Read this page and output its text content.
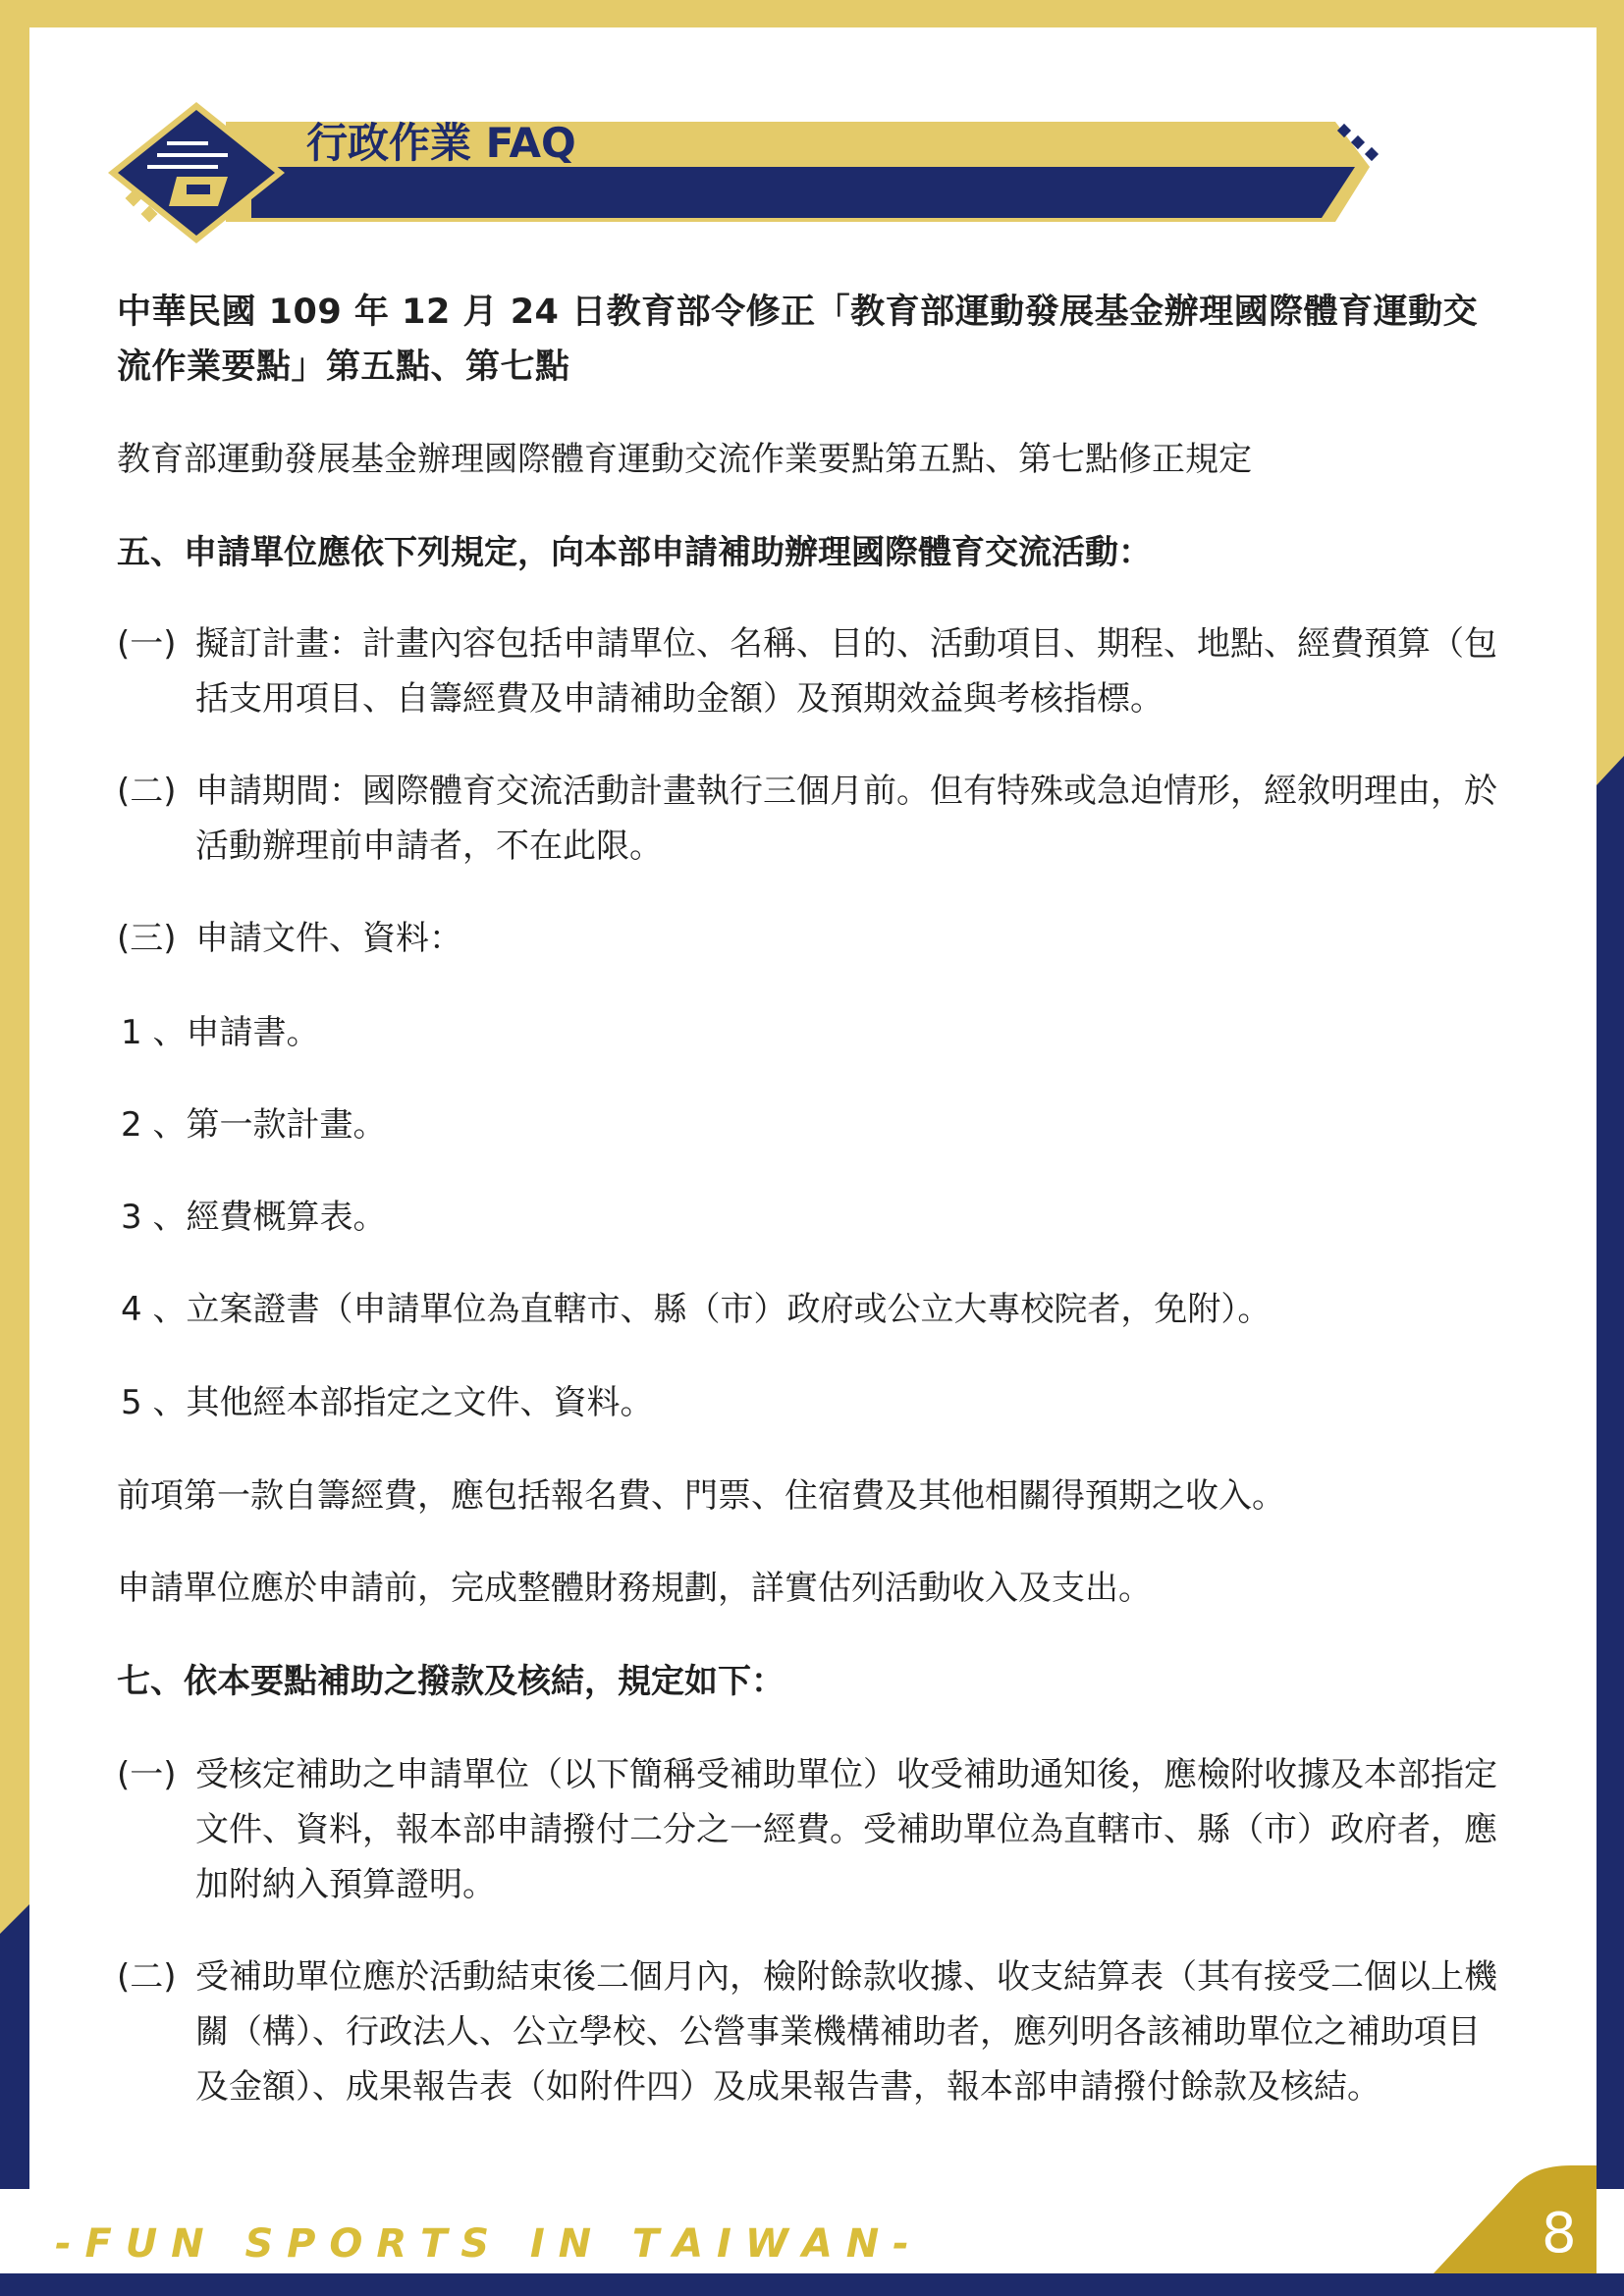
行政作業 FAQ

中華民國 109 年 12 月 24 日教育部令修正「教育部運動發展基金辦理國際體育運動交流作業要點」第五點、第七點

教育部運動發展基金辦理國際體育運動交流作業要點第五點、第七點修正規定

五、申請單位應依下列規定，向本部申請補助辦理國際體育交流活動：

(一) 擬訂計畫：計畫內容包括申請單位、名稱、目的、活動項目、期程、地點、經費預算（包括支用項目、自籌經費及申請補助金額）及預期效益與考核指標。
(二) 申請期間：國際體育交流活動計畫執行三個月前。但有特殊或急迫情形，經敘明理由，於活動辦理前申請者，不在此限。
(三) 申請文件、資料：
1 、申請書。
2 、第一款計畫。
3 、經費概算表。
4 、立案證書（申請單位為直轄市、縣（市）政府或公立大專校院者，免附）。
5 、其他經本部指定之文件、資料。

前項第一款自籌經費，應包括報名費、門票、住宿費及其他相關得預期之收入。

申請單位應於申請前，完成整體財務規劃，詳實估列活動收入及支出。

七、依本要點補助之撥款及核結，規定如下：

(一) 受核定補助之申請單位（以下簡稱受補助單位）收受補助通知後，應檢附收據及本部指定文件、資料，報本部申請撥付二分之一經費。受補助單位為直轄市、縣（市）政府者，應加附納入預算證明。
(二) 受補助單位應於活動結束後二個月內，檢附餘款收據、收支結算表（其有接受二個以上機關（構）、行政法人、公立學校、公營事業機構補助者，應列明各該補助單位之補助項目及金額）、成果報告表（如附件四）及成果報告書，報本部申請撥付餘款及核結。
- F U N   S P O R T S   I N   T A I W A N -	8
